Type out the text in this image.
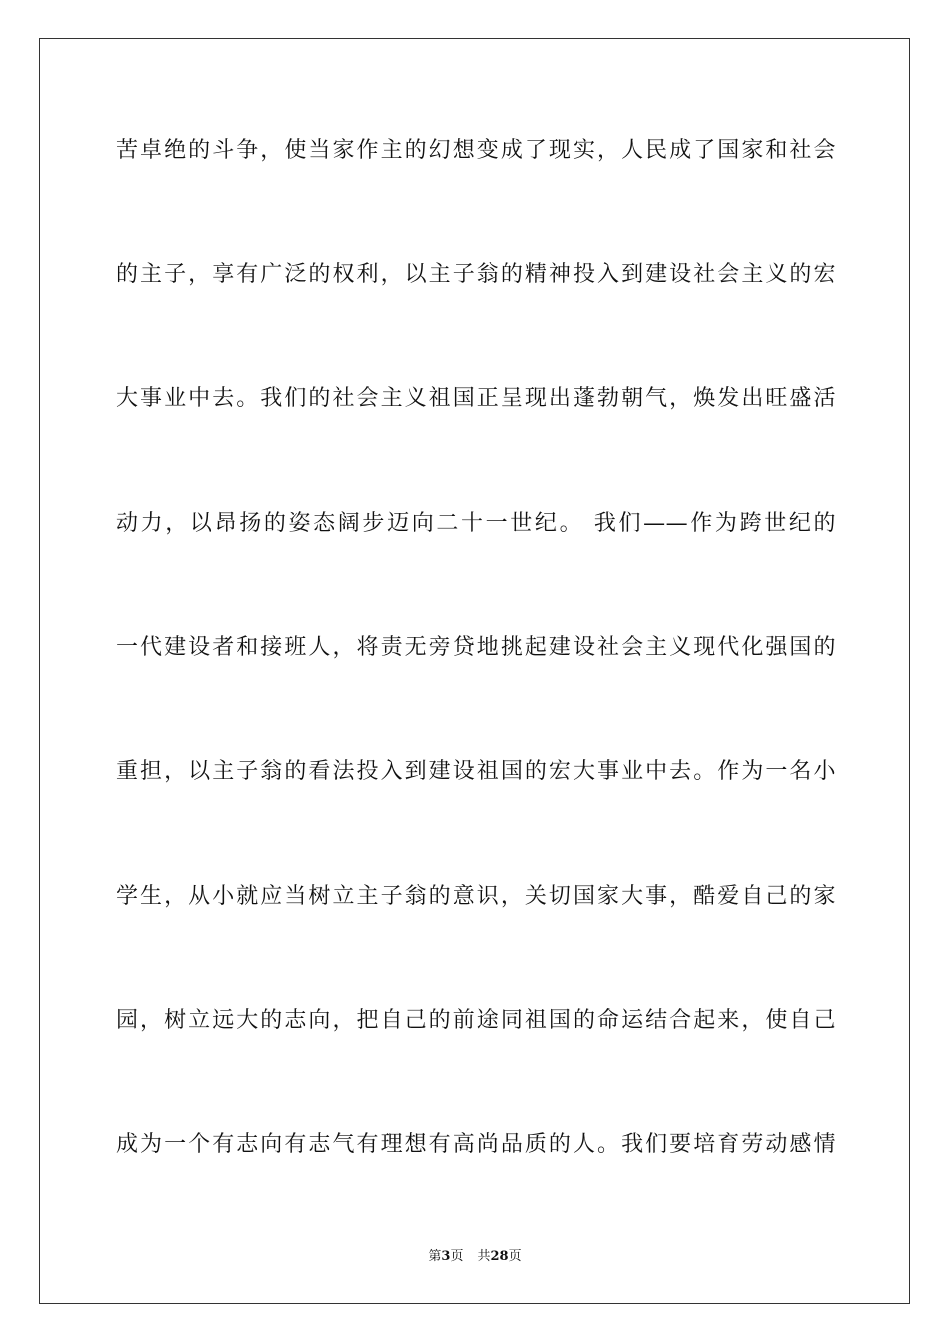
苦卓绝的斗争，使当家作主的幻想变成了现实，人民成了国家和社会
的主子，享有广泛的权利，以主子翁的精神投入到建设社会主义的宏
大事业中去。我们的社会主义祖国正呈现出蓬勃朝气，焕发出旺盛活
动力，以昂扬的姿态阔步迈向二十一世纪。 我们——作为跨世纪的
一代建设者和接班人，将责无旁贷地挑起建设社会主义现代化强国的
重担，以主子翁的看法投入到建设祖国的宏大事业中去。作为一名小
学生，从小就应当树立主子翁的意识，关切国家大事，酷爱自己的家
园，树立远大的志向，把自己的前途同祖国的命运结合起来，使自己
成为一个有志向有志气有理想有高尚品质的人。我们要培育劳动感情
第3页 共28页
